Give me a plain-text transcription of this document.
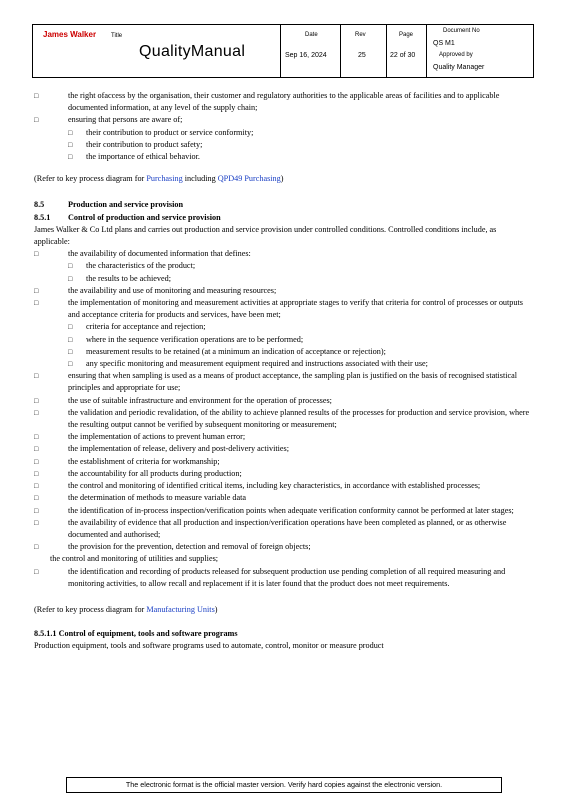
James Walker Title
QualityManual
Date
Sep 16, 2024
Rev
25
Page
22 of 30
Document No
QS M1
Approved by
Quality Manager
□	the right ofaccess by the organisation, their customer and regulatory authorities to the applicable areas of facilities and to applicable documented information, at any level of the supply chain;
□	ensuring that persons are aware of;
□ their contribution to product or service conformity;
□ their contribution to product safety;
□ the importance of ethical behavior.
(Refer to key process diagram for Purchasing including QPD49 Purchasing)
8.5	Production and service provision
8.5.1 Control of production and service provision
James Walker & Co Ltd plans and carries out production and service provision under controlled conditions. Controlled conditions include, as applicable:
□	the availability of documented information that defines:
□ the characteristics of the product;
□ the results to be achieved;
□	the availability and use of monitoring and measuring resources;
□	the implementation of monitoring and measurement activities at appropriate stages to verify that criteria for control of processes or outputs and acceptance criteria for products and services, have been met;
□ criteria for acceptance and rejection;
□ where in the sequence verification operations are to be performed;
□ measurement results to be retained (at a minimum an indication of acceptance or rejection);
□ any specific monitoring and measurement equipment required and instructions associated with their use;
□	ensuring that when sampling is used as a means of product acceptance, the sampling plan is justified on the basis of recognised statistical principles and appropriate for use;
□	the use of suitable infrastructure and environment for the operation of processes;
□	the validation and periodic revalidation, of the ability to achieve planned results of the processes for production and service provision, where the resulting output cannot be verified by subsequent monitoring or measurement;
□	the implementation of actions to prevent human error;
□	the implementation of release, delivery and post-delivery activities;
□	the establishment of criteria for workmanship;
□	the accountability for all products during production;
□	the control and monitoring of identified critical items, including key characteristics, in accordance with established processes;
□	the determination of methods to measure variable data
□	the identification of in-process inspection/verification points when adequate verification conformity cannot be performed at later stages;
□	the availability of evidence that all production and inspection/verification operations have been completed as planned, or as otherwise documented and authorised;
□	the provision for the prevention, detection and removal of foreign objects;
the control and monitoring of utilities and supplies;
□	the identification and recording of products released for subsequent production use pending completion of all required measuring and monitoring activities, to allow recall and replacement if it is later found that the product does not meet requirements.
(Refer to key process diagram for Manufacturing Units)
8.5.1.1 Control of equipment, tools and software programs
Production equipment, tools and software programs used to automate, control, monitor or measure product
The electronic format is the official master version. Verify hard copies against the electronic version.
